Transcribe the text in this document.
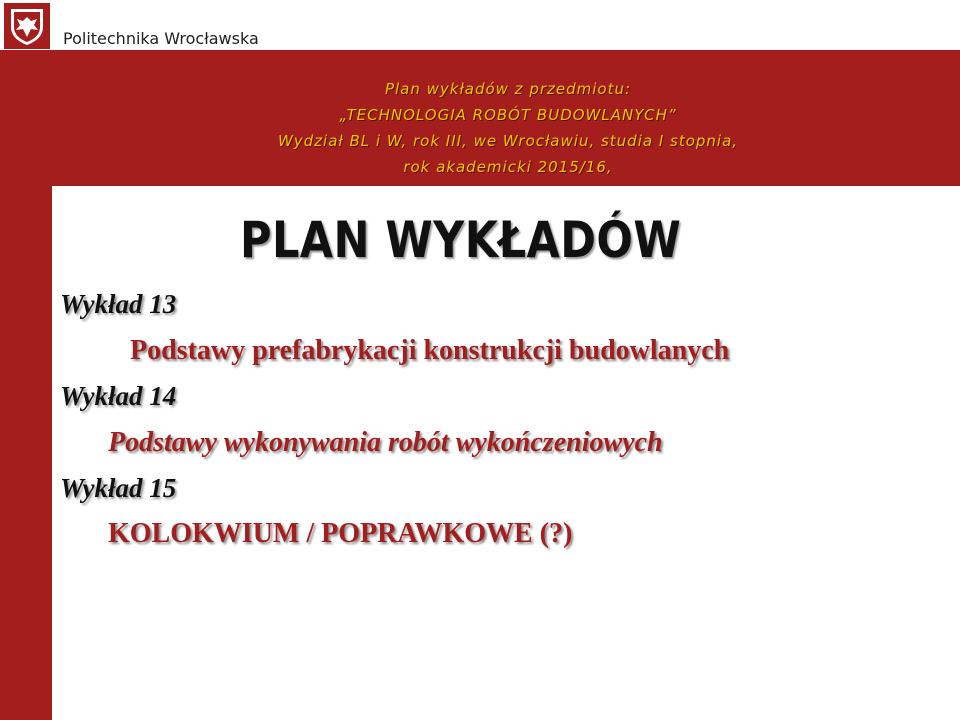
Politechnika Wrocławska
Plan wykładów z przedmiotu:
„TECHNOLOGIA ROBÓT BUDOWLANYCH”
Wydział BL i W, rok III, we Wrocławiu, studia I stopnia,
rok akademicki 2015/16,
PLAN WYKŁADÓW
Wykład 13
Podstawy prefabrykacji konstrukcji budowlanych
Wykład 14
Podstawy wykonywania robót wykończeniowych
Wykład 15
KOLOKWIUM / POPRAWKOWE (?)
